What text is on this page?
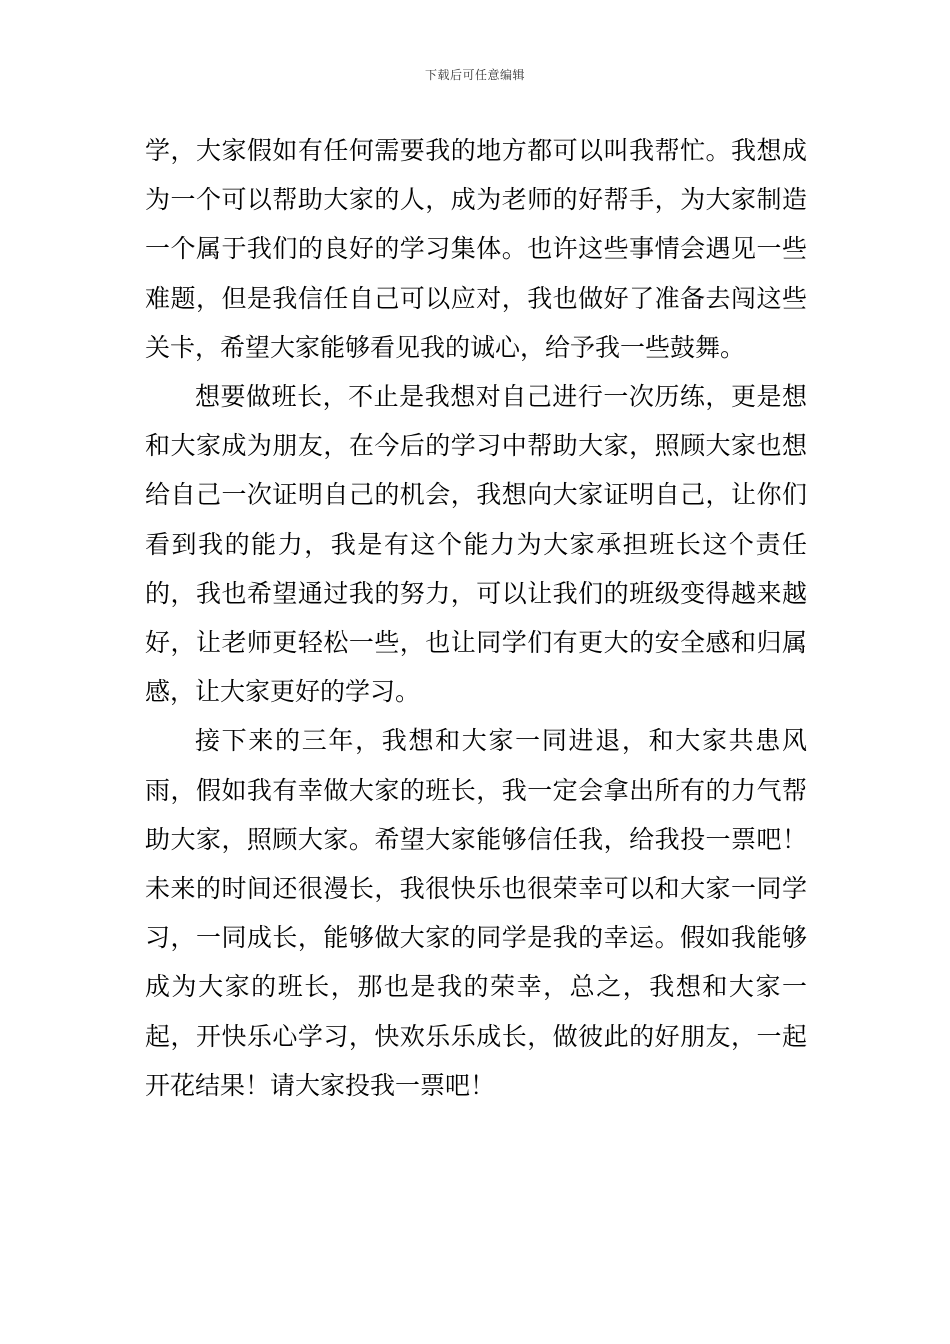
下载后可任意编辑

学，大家假如有任何需要我的地方都可以叫我帮忙。我想成为一个可以帮助大家的人，成为老师的好帮手，为大家制造一个属于我们的良好的学习集体。也许这些事情会遇见一些难题，但是我信任自己可以应对，我也做好了准备去闯这些关卡，希望大家能够看见我的诚心，给予我一些鼓舞。

想要做班长，不止是我想对自己进行一次历练，更是想和大家成为朋友，在今后的学习中帮助大家，照顾大家也想给自己一次证明自己的机会，我想向大家证明自己，让你们看到我的能力，我是有这个能力为大家承担班长这个责任的，我也希望通过我的努力，可以让我们的班级变得越来越好，让老师更轻松一些，也让同学们有更大的安全感和归属感，让大家更好的学习。

接下来的三年，我想和大家一同进退，和大家共患风雨，假如我有幸做大家的班长，我一定会拿出所有的力气帮助大家，照顾大家。希望大家能够信任我，给我投一票吧！未来的时间还很漫长，我很快乐也很荣幸可以和大家一同学习，一同成长，能够做大家的同学是我的幸运。假如我能够成为大家的班长，那也是我的荣幸，总之，我想和大家一起，开快乐心学习，快欢乐乐成长，做彼此的好朋友，一起开花结果！请大家投我一票吧！
